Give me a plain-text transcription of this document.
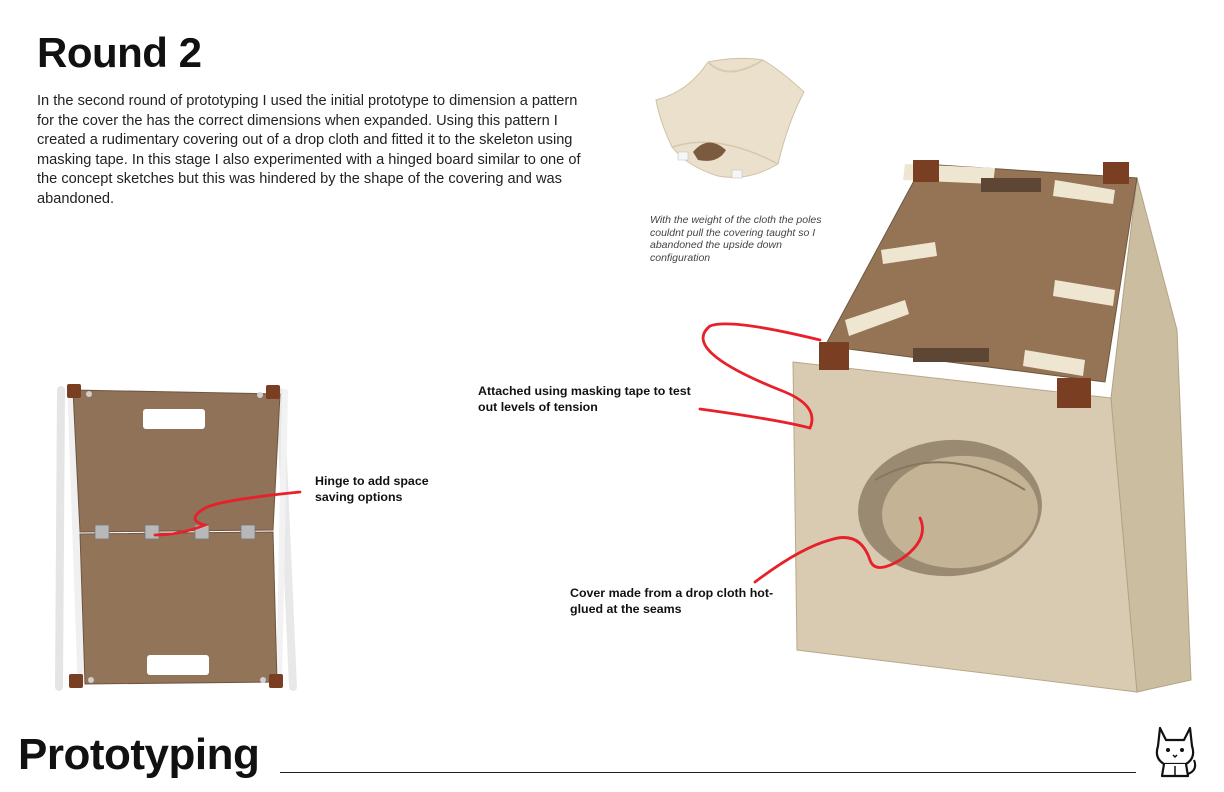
Round 2
In the second round of prototyping I used the initial prototype to dimension a pattern for the cover the has the correct dimensions when expanded. Using this pattern I created a rudimentary covering out of a drop cloth and fitted it to the skeleton using masking tape. In this stage I also experimented with a hinged board similar to one of the concept sketches but this was hindered by the shape of the covering and was abandoned.
With the weight of the cloth the poles couldnt pull the covering taught so I abandoned the upside down configuration
Attached using masking tape to test out levels of tension
Hinge to add space saving options
Cover made from a drop cloth hot-glued at the seams
Prototyping
